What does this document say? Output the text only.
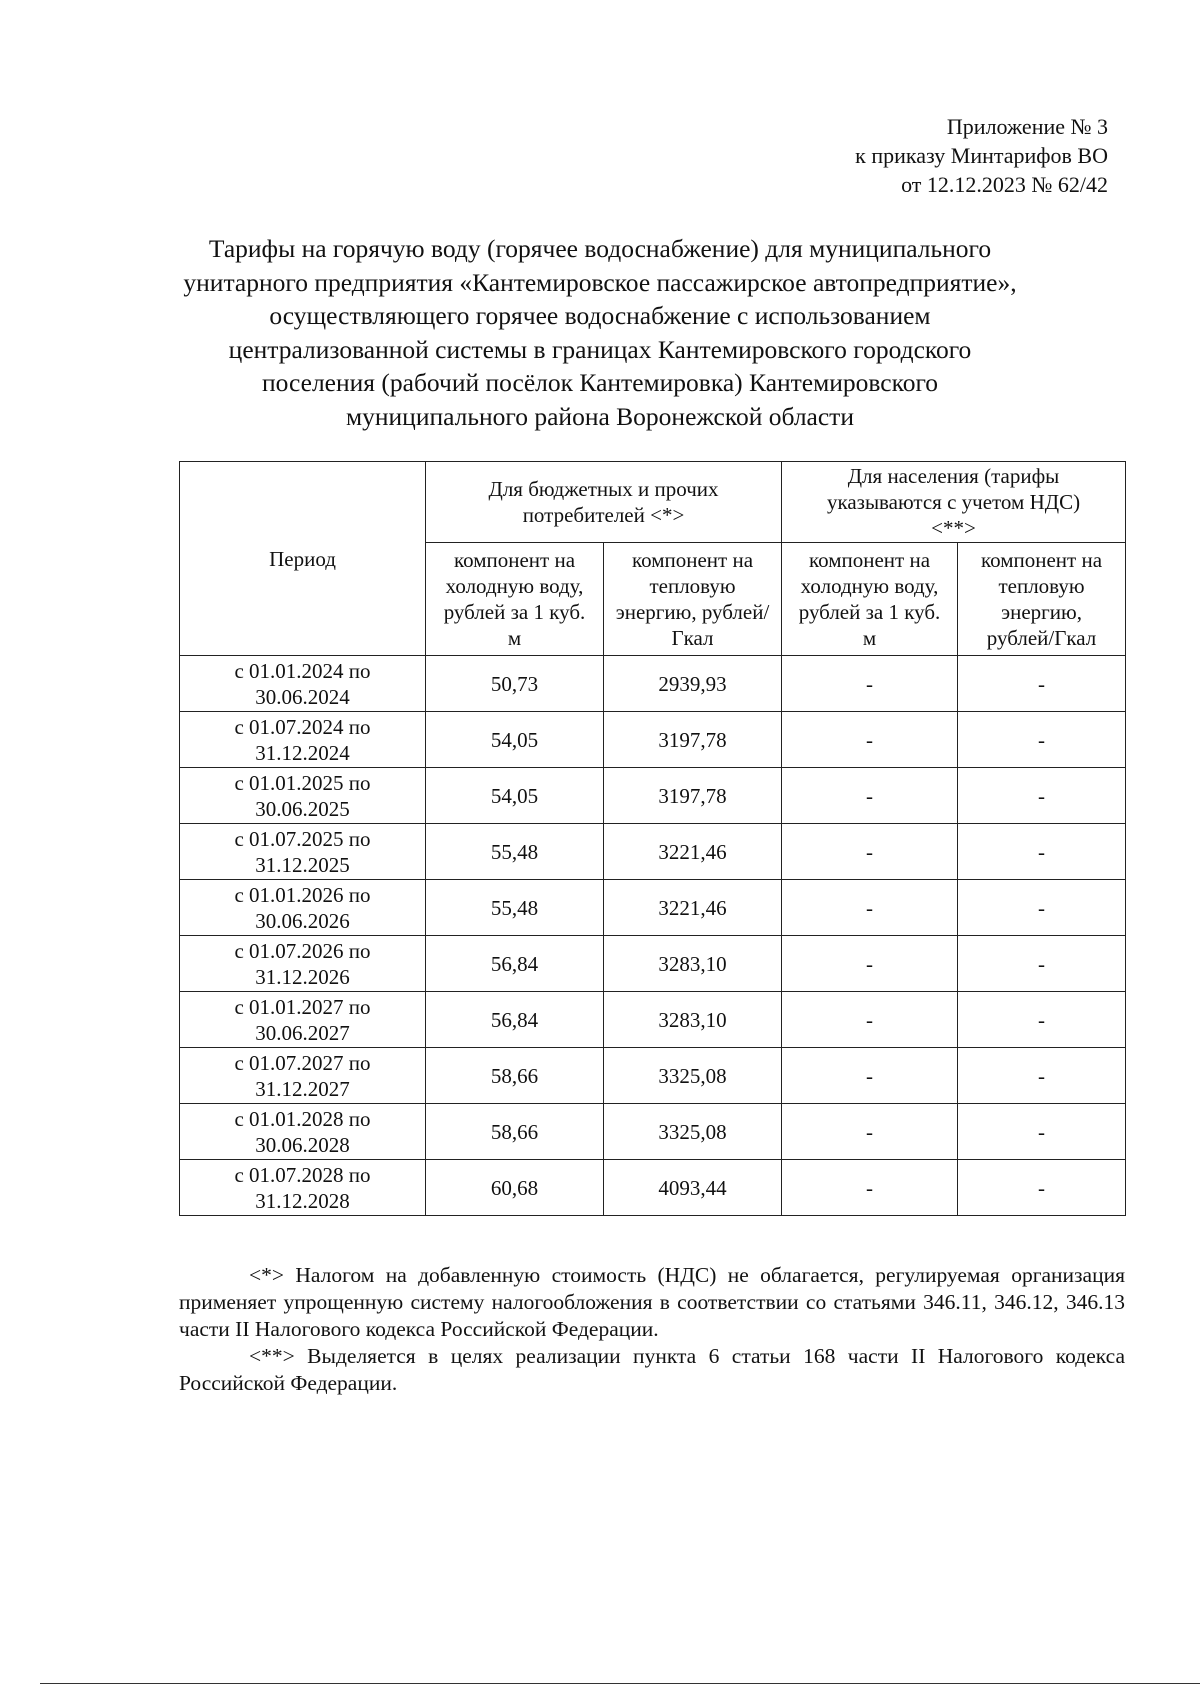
Приложение № 3
к приказу Минтарифов ВО
от 12.12.2023 № 62/42
Тарифы на горячую воду (горячее водоснабжение) для муниципального
унитарного предприятия «Кантемировское пассажирское автопредприятие»,
осуществляющего горячее водоснабжение с использованием
централизованной системы в границах Кантемировского городского
поселения (рабочий посёлок Кантемировка) Кантемировского
муниципального района Воронежской области
Период	Для бюджетных и прочих потребителей <*>		Для населения (тарифы указываются с учетом НДС) <**>	
	компонент на холодную воду, рублей за 1 куб. м	компонент на тепловую энергию, рублей/Гкал	компонент на холодную воду, рублей за 1 куб. м	компонент на тепловую энергию, рублей/Гкал

с 01.01.2024 по
30.06.2024	50,73	2939,93	-	-

с 01.07.2024 по
31.12.2024	54,05	3197,78	-	-

с 01.01.2025 по
30.06.2025	54,05	3197,78	-	-

с 01.07.2025 по
31.12.2025	55,48	3221,46	-	-

с 01.01.2026 по
30.06.2026	55,48	3221,46	-	-

с 01.07.2026 по
31.12.2026	56,84	3283,10	-	-

с 01.01.2027 по
30.06.2027	56,84	3283,10	-	-

с 01.07.2027 по
31.12.2027	58,66	3325,08	-	-

с 01.01.2028 по
30.06.2028	58,66	3325,08	-	-

с 01.07.2028 по
31.12.2028	60,68	4093,44	-	-

<*> Налогом на добавленную стоимость (НДС) не облагается, регулируемая организация применяет упрощенную систему налогообложения в соответствии со статьями 346.11, 346.12, 346.13 части II Налогового кодекса Российской Федерации.

<**> Выделяется в целях реализации пункта 6 статьи 168 части II Налогового кодекса Российской Федерации.
